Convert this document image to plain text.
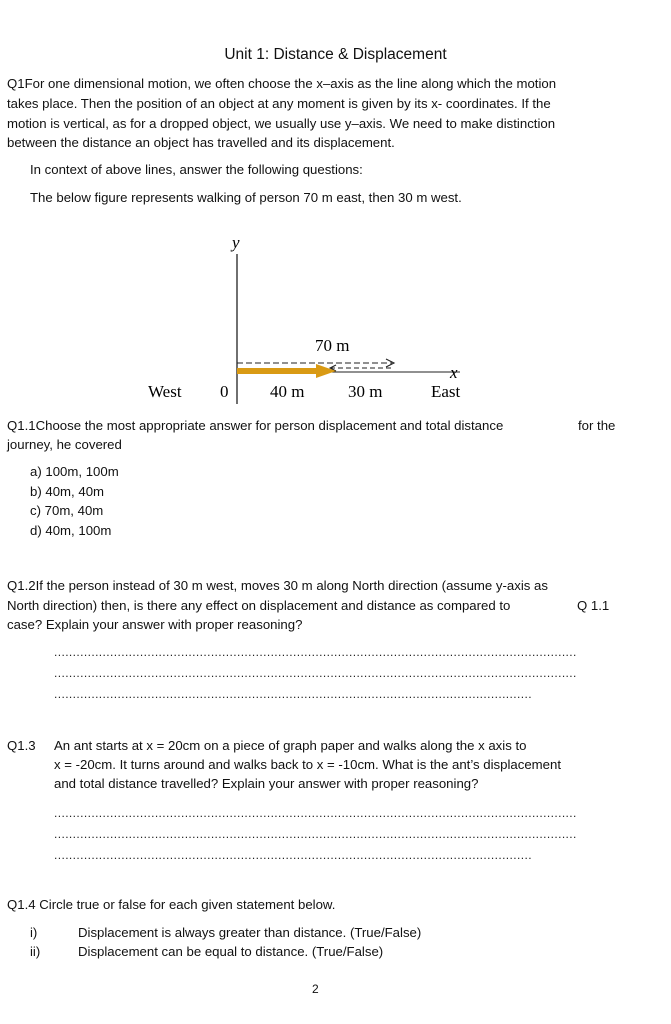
Unit 1: Distance & Displacement
Q1For one dimensional motion, we often choose the x–axis as the line along which the motion
takes place. Then the position of an object at any moment is given by its x- coordinates. If the
motion is vertical, as for a dropped object, we usually use y–axis. We need to make distinction
between the distance an object has travelled and its displacement.
In context of above lines, answer the following questions:
The below figure represents walking of person 70 m east, then 30 m west.
y
x
70 m
West 0 40 m	30 m	East
Q1.1Choose the most appropriate answer for person displacement and total distance	for the
journey, he covered
a) 100m, 100m
b) 40m, 40m
c) 70m, 40m
d) 40m, 100m
Q1.2If the person instead of 30 m west, moves 30 m along North direction (assume y-axis as
North direction) then, is there any effect on displacement and distance as compared to	Q 1.1
case? Explain your answer with proper reasoning?
............................................................................................................................................
............................................................................................................................................
................................................................................................................................
Q1.3 An ant starts at x = 20cm on a piece of graph paper and walks along the x axis to
x = -20cm. It turns around and walks back to x = -10cm. What is the ant’s displacement
and total distance travelled? Explain your answer with proper reasoning?
............................................................................................................................................
............................................................................................................................................
................................................................................................................................
Q1.4 Circle true or false for each given statement below.
i)	Displacement is always greater than distance. (True/False)
ii)	Displacement can be equal to distance. (True/False)
2
